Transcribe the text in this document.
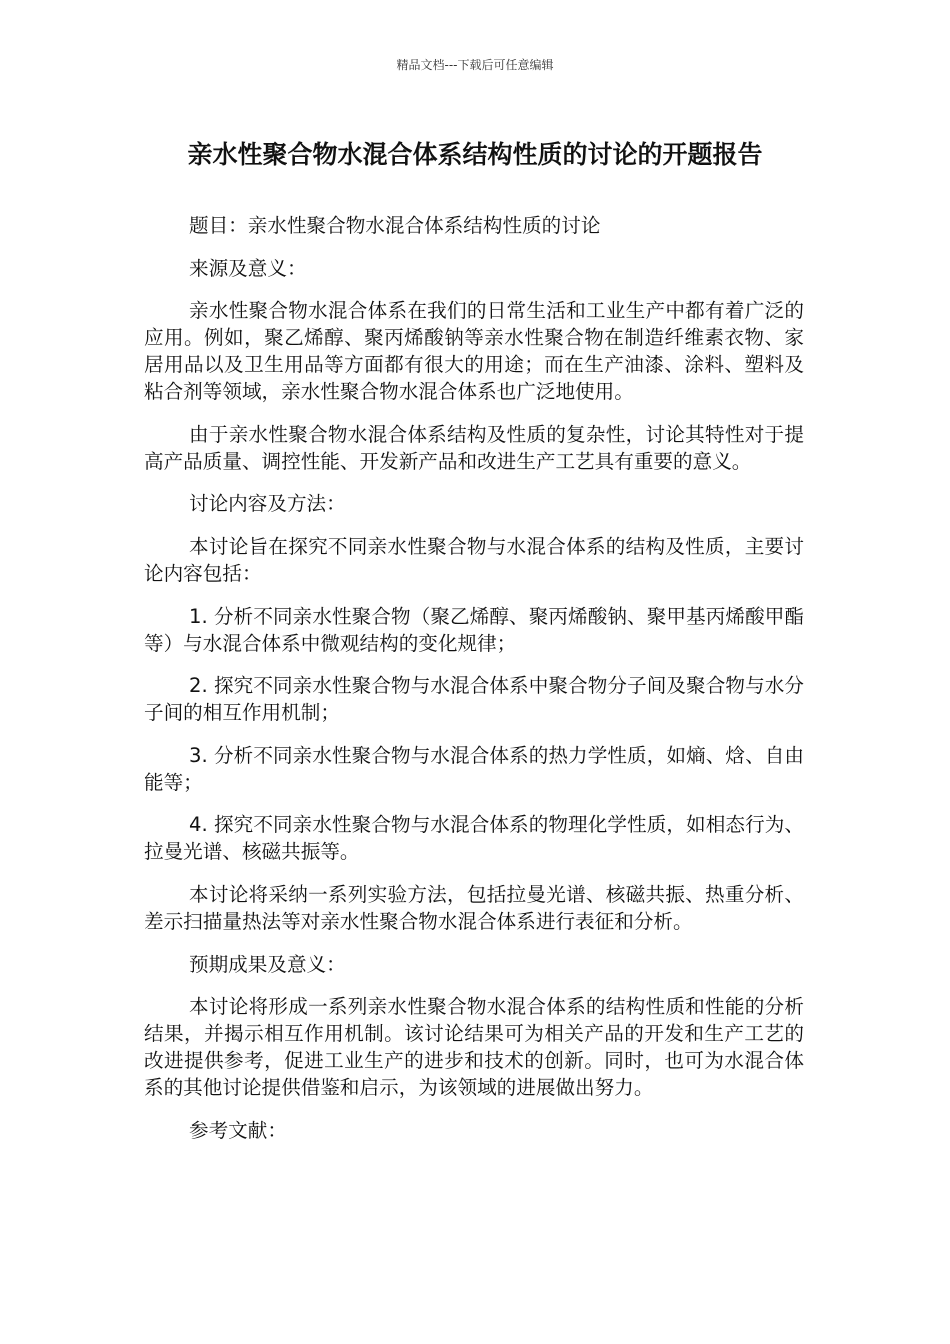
精品文档---下载后可任意编辑
亲水性聚合物水混合体系结构性质的讨论的开题报告

题目：亲水性聚合物水混合体系结构性质的讨论

来源及意义：

亲水性聚合物水混合体系在我们的日常生活和工业生产中都有着广泛的应用。例如，聚乙烯醇、聚丙烯酸钠等亲水性聚合物在制造纤维素衣物、家居用品以及卫生用品等方面都有很大的用途；而在生产油漆、涂料、塑料及粘合剂等领域，亲水性聚合物水混合体系也广泛地使用。

由于亲水性聚合物水混合体系结构及性质的复杂性，讨论其特性对于提高产品质量、调控性能、开发新产品和改进生产工艺具有重要的意义。

讨论内容及方法：

本讨论旨在探究不同亲水性聚合物与水混合体系的结构及性质，主要讨论内容包括：

1. 分析不同亲水性聚合物（聚乙烯醇、聚丙烯酸钠、聚甲基丙烯酸甲酯等）与水混合体系中微观结构的变化规律；

2. 探究不同亲水性聚合物与水混合体系中聚合物分子间及聚合物与水分子间的相互作用机制；

3. 分析不同亲水性聚合物与水混合体系的热力学性质，如熵、焓、自由能等；

4. 探究不同亲水性聚合物与水混合体系的物理化学性质，如相态行为、拉曼光谱、核磁共振等。

本讨论将采纳一系列实验方法，包括拉曼光谱、核磁共振、热重分析、差示扫描量热法等对亲水性聚合物水混合体系进行表征和分析。

预期成果及意义：

本讨论将形成一系列亲水性聚合物水混合体系的结构性质和性能的分析结果，并揭示相互作用机制。该讨论结果可为相关产品的开发和生产工艺的改进提供参考，促进工业生产的进步和技术的创新。同时，也可为水混合体系的其他讨论提供借鉴和启示，为该领域的进展做出努力。

参考文献：
